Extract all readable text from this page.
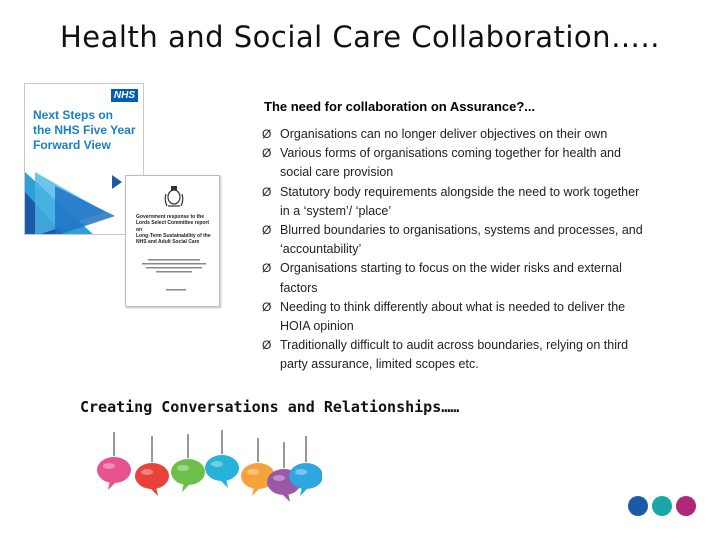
Health and Social Care Collaboration…..
NHS
Next Steps on
the NHS Five Year
Forward View
Government response to the
Lords Select Committee report on
Long-Term Sustainability of the
NHS and Adult Social Care
The need for collaboration on Assurance?...
Ø Organisations can no longer deliver objectives on their own
Ø Various forms of organisations coming together for health and
social care provision
Ø Statutory body requirements alongside the need to work together
in a ‘system’/ ‘place’
Ø Blurred boundaries to organisations, systems and processes, and
‘accountability’
Ø Organisations starting to focus on the wider risks and external
factors
Ø Needing to think differently about what is needed to deliver the
HOIA opinion
Ø Traditionally difficult to audit across boundaries, relying on third
party assurance, limited scopes etc.
Creating Conversations and Relationships……
